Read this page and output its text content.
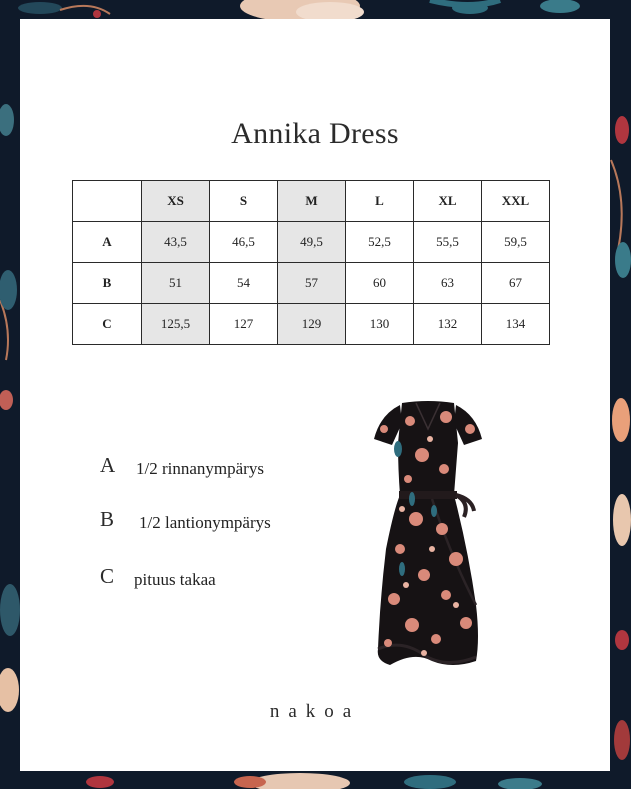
Annika Dress
	XS	S	M	L	XL	XXL
A	43,5	46,5	49,5	52,5	55,5	59,5
B	51	54	57	60	63	67
C	125,5	127	129	130	132	134
A 1/2 rinnanympärys
B 1/2 lantionympärys
C pituus takaa
nakoa
